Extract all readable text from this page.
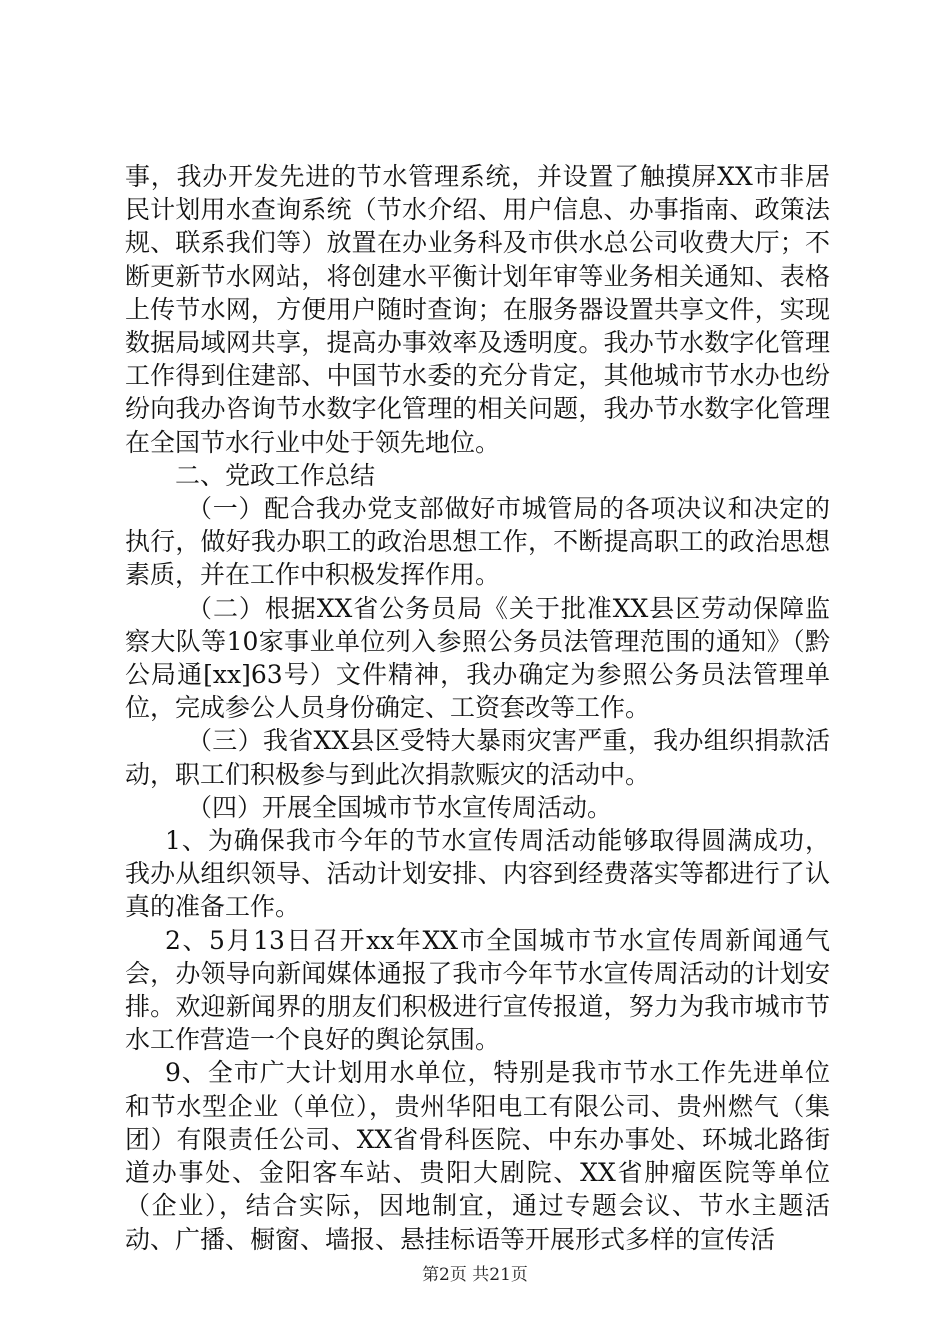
事，我办开发先进的节水管理系统，并设置了触摸屏XX市非居民计划用水查询系统（节水介绍、用户信息、办事指南、政策法规、联系我们等）放置在办业务科及市供水总公司收费大厅；不断更新节水网站，将创建水平衡计划年审等业务相关通知、表格上传节水网，方便用户随时查询；在服务器设置共享文件，实现数据局域网共享，提高办事效率及透明度。我办节水数字化管理工作得到住建部、中国节水委的充分肯定，其他城市节水办也纷纷向我办咨询节水数字化管理的相关问题，我办节水数字化管理在全国节水行业中处于领先地位。

二、党政工作总结

（一）配合我办党支部做好市城管局的各项决议和决定的执行，做好我办职工的政治思想工作，不断提高职工的政治思想素质，并在工作中积极发挥作用。

（二）根据XX省公务员局《关于批准XX县区劳动保障监察大队等10家事业单位列入参照公务员法管理范围的通知》（黔公局通[xx]63号）文件精神，我办确定为参照公务员法管理单位，完成参公人员身份确定、工资套改等工作。

（三）我省XX县区受特大暴雨灾害严重，我办组织捐款活动，职工们积极参与到此次捐款赈灾的活动中。

（四）开展全国城市节水宣传周活动。

1、为确保我市今年的节水宣传周活动能够取得圆满成功，我办从组织领导、活动计划安排、内容到经费落实等都进行了认真的准备工作。

2、5月13日召开xx年XX市全国城市节水宣传周新闻通气会，办领导向新闻媒体通报了我市今年节水宣传周活动的计划安排。欢迎新闻界的朋友们积极进行宣传报道，努力为我市城市节水工作营造一个良好的舆论氛围。

9、全市广大计划用水单位，特别是我市节水工作先进单位和节水型企业（单位），贵州华阳电工有限公司、贵州燃气（集团）有限责任公司、XX省骨科医院、中东办事处、环城北路街道办事处、金阳客车站、贵阳大剧院、XX省肿瘤医院等单位（企业），结合实际，因地制宜，通过专题会议、节水主题活动、广播、橱窗、墙报、悬挂标语等开展形式多样的宣传活

第2页 共21页
